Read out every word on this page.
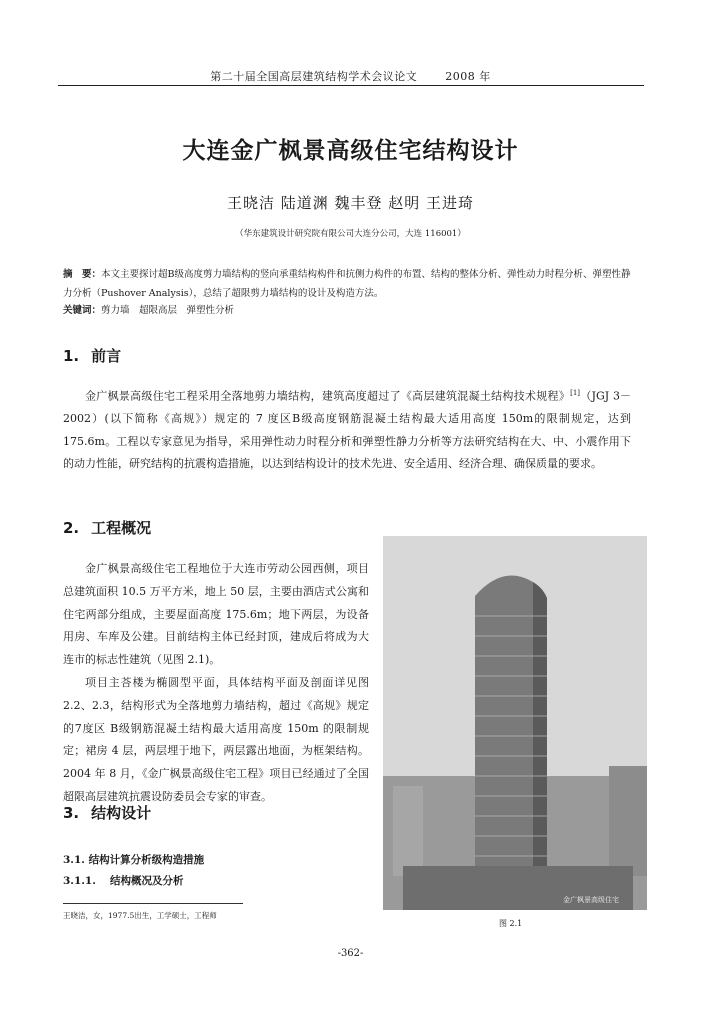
第二十届全国高层建筑结构学术会议论文	2008 年
大连金广枫景高级住宅结构设计
王晓洁 陆道渊 魏丰登 赵明 王进琦
（华东建筑设计研究院有限公司大连分公司，大连 116001）
摘　要：本文主要探讨超B级高度剪力墙结构的竖向承重结构构件和抗侧力构件的布置、结构的整体分析、弹性动力时程分析、弹塑性静力分析（Pushover Analysis），总结了超限剪力墙结构的设计及构造方法。
关键词：剪力墙　超限高层　弹塑性分析
1. 前言

金广枫景高级住宅工程采用全落地剪力墙结构，建筑高度超过了《高层建筑混凝土结构技术规程》[1]（JGJ 3－2002）(以下简称《高规》）规定的 7 度区B级高度钢筋混凝土结构最大适用高度 150m的限制规定，达到 175.6m。工程以专家意见为指导，采用弹性动力时程分析和弹塑性静力分析等方法研究结构在大、中、小震作用下的动力性能，研究结构的抗震构造措施，以达到结构设计的技术先进、安全适用、经济合理、确保质量的要求。

2. 工程概况

金广枫景高级住宅工程地位于大连市劳动公园西侧，项目总建筑面积 10.5 万平方米，地上 50 层，主要由酒店式公寓和住宅两部分组成，主要屋面高度 175.6m；地下两层，为设备用房、车库及公建。目前结构主体已经封顶，建成后将成为大连市的标志性建筑（见图 2.1)。

项目主荅楼为椭圆型平面，具体结构平面及剖面详见图 2.2、2.3，结构形式为全落地剪力墙结构，超过《高规》规定的7度区 B级钢筋混凝土结构最大适用高度 150m 的限制规定；裙房 4 层，两层埋于地下，两层露出地面，为框架结构。2004 年 8 月，《金广枫景高级住宅工程》项目已经通过了全国超限高层建筑抗震设防委员会专家的审查。

金广枫景高级住宅
图 2.1
3. 结构设计
3.1. 结构计算分析级构造措施
3.1.1.　 结构概况及分析
王晓洁，女，1977.5出生，工学硕士，工程师
-362-
